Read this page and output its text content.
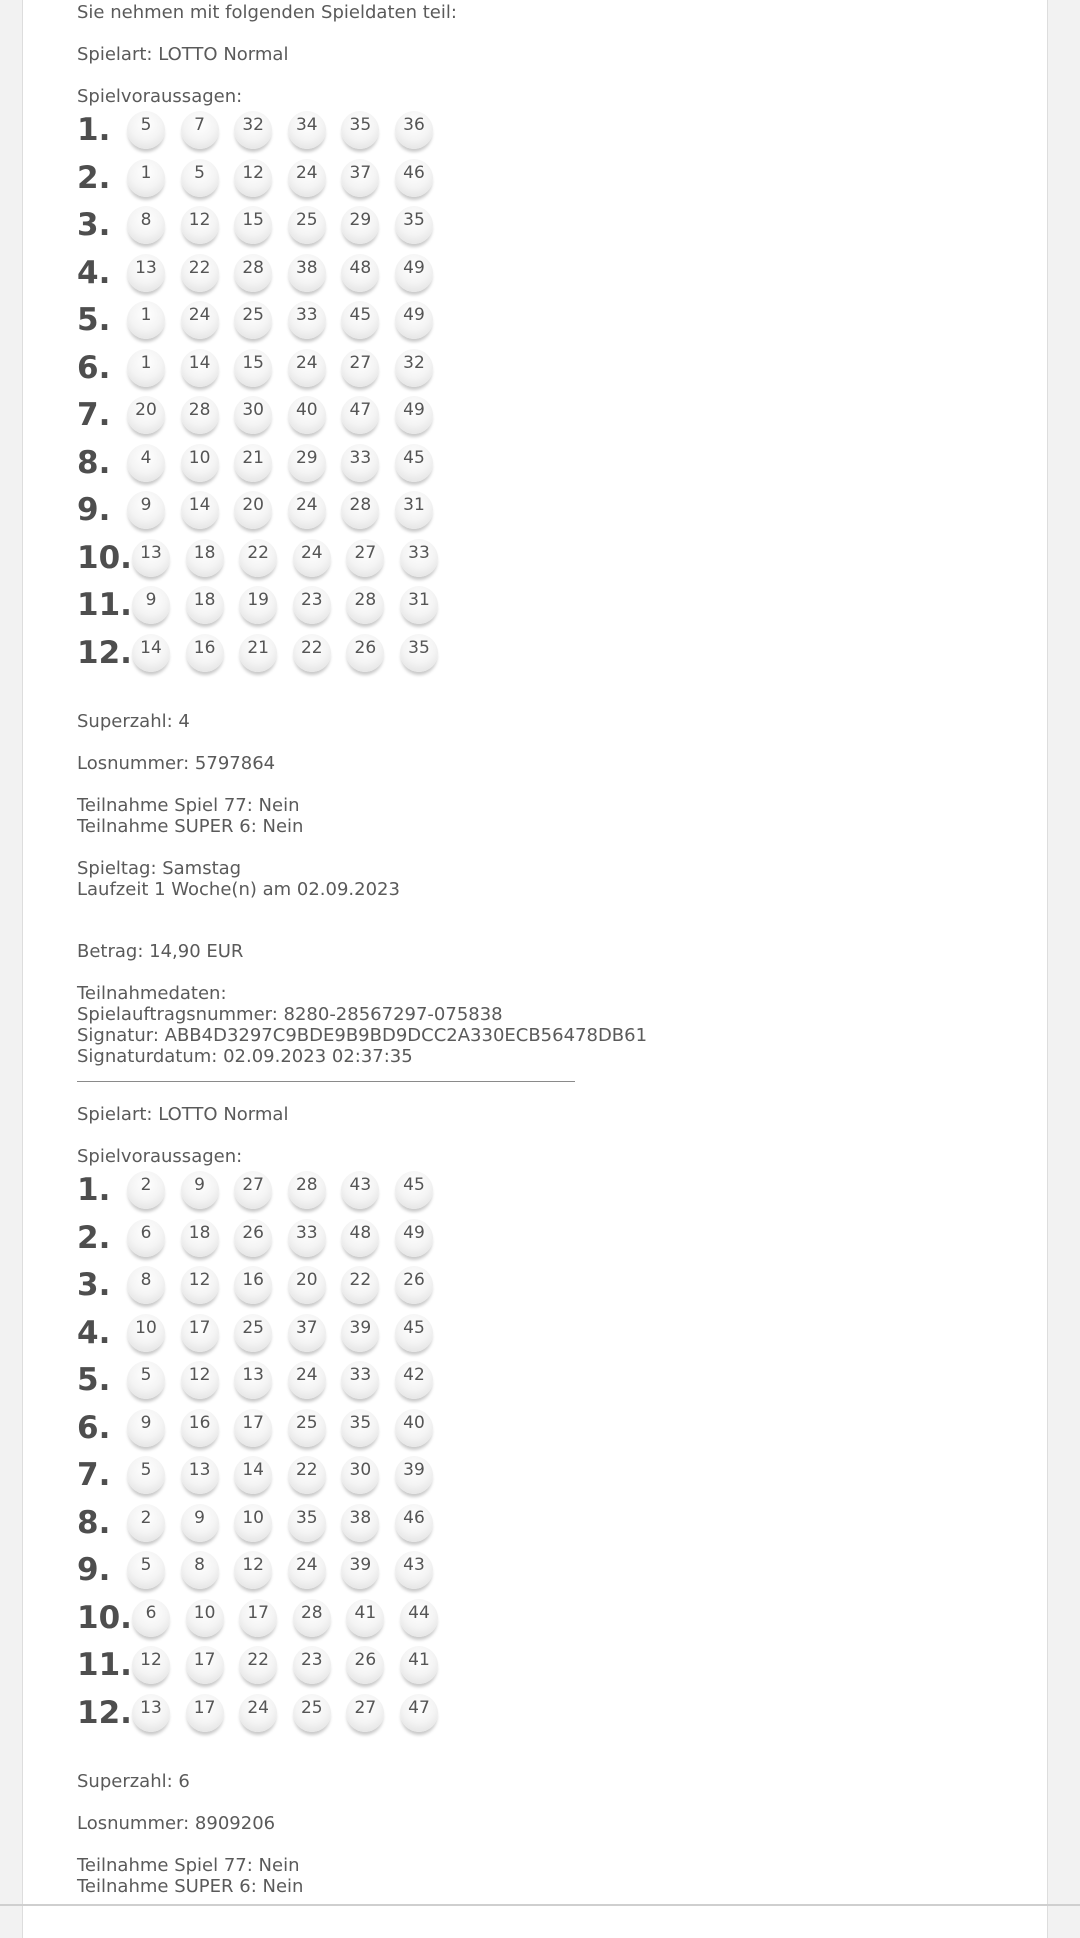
Sie nehmen mit folgenden Spieldaten teil:
Spielart: LOTTO Normal
Spielvoraussagen:
1.	5	7	32	34	35	36
2.	1	5	12	24	37	46
3.	8	12	15	25	29	35
4.	13	22	28	38	48	49
5.	1	24	25	33	45	49
6.	1	14	15	24	27	32
7.	20	28	30	40	47	49
8.	4	10	21	29	33	45
9.	9	14	20	24	28	31
10. 13	18	22	24	27	33
11. 9	18	19	23	28	31
12. 14	16	21	22	26	35
Superzahl: 4
Losnummer: 5797864
Teilnahme Spiel 77: Nein
Teilnahme SUPER 6: Nein
Spieltag: Samstag
Laufzeit 1 Woche(n) am 02.09.2023
Betrag: 14,90 EUR
Teilnahmedaten:
Spielauftragsnummer: 8280-28567297-075838
Signatur: ABB4D3297C9BDE9B9BD9DCC2A330ECB56478DB61
Signaturdatum: 02.09.2023 02:37:35
Spielart: LOTTO Normal
Spielvoraussagen:
1.	2	9	27	28	43	45
2.	6	18	26	33	48	49
3.	8	12	16	20	22	26
4.	10	17	25	37	39	45
5.	5	12	13	24	33	42
6.	9	16	17	25	35	40
7.	5	13	14	22	30	39
8.	2	9	10	35	38	46
9.	5	8	12	24	39	43
10. 6	10	17	28	41	44
11. 12	17	22	23	26	41
12. 13	17	24	25	27	47
Superzahl: 6
Losnummer: 8909206
Teilnahme Spiel 77: Nein
Teilnahme SUPER 6: Nein
